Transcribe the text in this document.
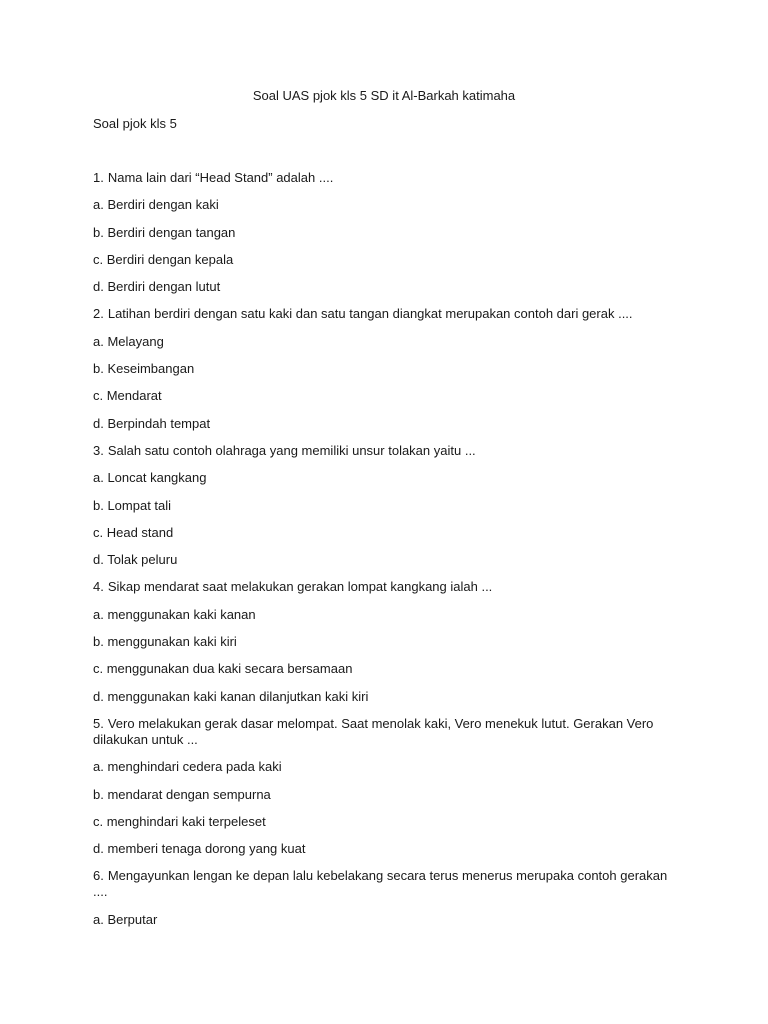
Soal UAS pjok kls 5 SD it Al-Barkah katimaha
Soal pjok kls 5
1. Nama lain dari “Head Stand” adalah ....
a. Berdiri dengan kaki
b. Berdiri dengan tangan
c. Berdiri dengan kepala
d. Berdiri dengan lutut
2. Latihan berdiri dengan satu kaki dan satu tangan diangkat merupakan contoh dari gerak ....
a. Melayang
b. Keseimbangan
c. Mendarat
d. Berpindah tempat
3. Salah satu contoh olahraga yang memiliki unsur tolakan yaitu ...
a. Loncat kangkang
b. Lompat tali
c. Head stand
d. Tolak peluru
4. Sikap mendarat saat melakukan gerakan lompat kangkang ialah ...
a. menggunakan kaki kanan
b. menggunakan kaki kiri
c. menggunakan dua kaki secara bersamaan
d. menggunakan kaki kanan dilanjutkan kaki kiri
5. Vero melakukan gerak dasar melompat. Saat menolak kaki, Vero menekuk lutut. Gerakan Vero dilakukan untuk ...
a. menghindari cedera pada kaki
b. mendarat dengan sempurna
c. menghindari kaki terpeleset
d. memberi tenaga dorong yang kuat
6. Mengayunkan lengan ke depan lalu kebelakang secara terus menerus merupaka contoh gerakan ....
a. Berputar
